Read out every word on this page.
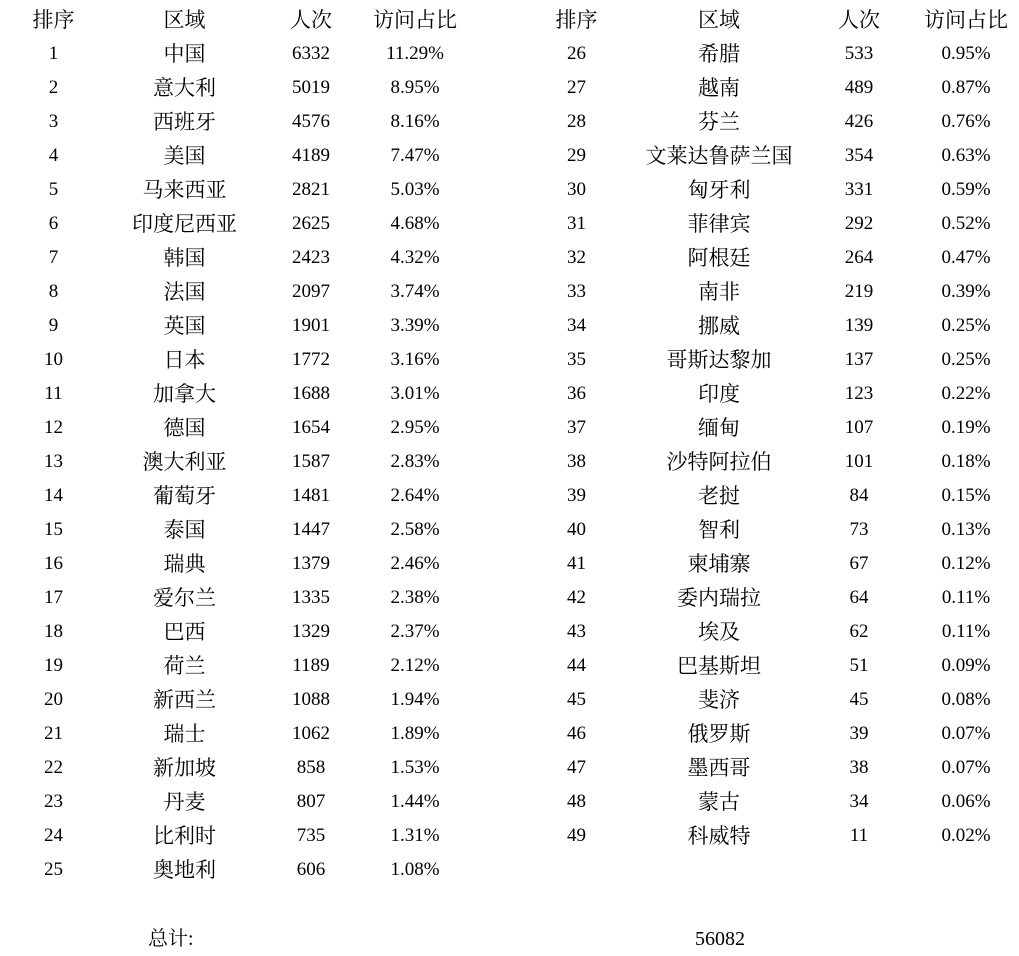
排序	区域	人次	访问占比
1	中国	6332	11.29%
2	意大利	5019	8.95%
3	西班牙	4576	8.16%
4	美国	4189	7.47%
5	马来西亚	2821	5.03%
6	印度尼西亚	2625	4.68%
7	韩国	2423	4.32%
8	法国	2097	3.74%
9	英国	1901	3.39%
10	日本	1772	3.16%
11	加拿大	1688	3.01%
12	德国	1654	2.95%
13	澳大利亚	1587	2.83%
14	葡萄牙	1481	2.64%
15	泰国	1447	2.58%
16	瑞典	1379	2.46%
17	爱尔兰	1335	2.38%
18	巴西	1329	2.37%
19	荷兰	1189	2.12%
20	新西兰	1088	1.94%
21	瑞士	1062	1.89%
22	新加坡	858	1.53%
23	丹麦	807	1.44%
24	比利时	735	1.31%
25	奥地利	606	1.08%
排序	区域	人次	访问占比
26	希腊	533	0.95%
27	越南	489	0.87%
28	芬兰	426	0.76%
29	文莱达鲁萨兰国	354	0.63%
30	匈牙利	331	0.59%
31	菲律宾	292	0.52%
32	阿根廷	264	0.47%
33	南非	219	0.39%
34	挪威	139	0.25%
35	哥斯达黎加	137	0.25%
36	印度	123	0.22%
37	缅甸	107	0.19%
38	沙特阿拉伯	101	0.18%
39	老挝	84	0.15%
40	智利	73	0.13%
41	柬埔寨	67	0.12%
42	委内瑞拉	64	0.11%
43	埃及	62	0.11%
44	巴基斯坦	51	0.09%
45	斐济	45	0.08%
46	俄罗斯	39	0.07%
47	墨西哥	38	0.07%
48	蒙古	34	0.06%
49	科威特	11	0.02%
总计:	56082
